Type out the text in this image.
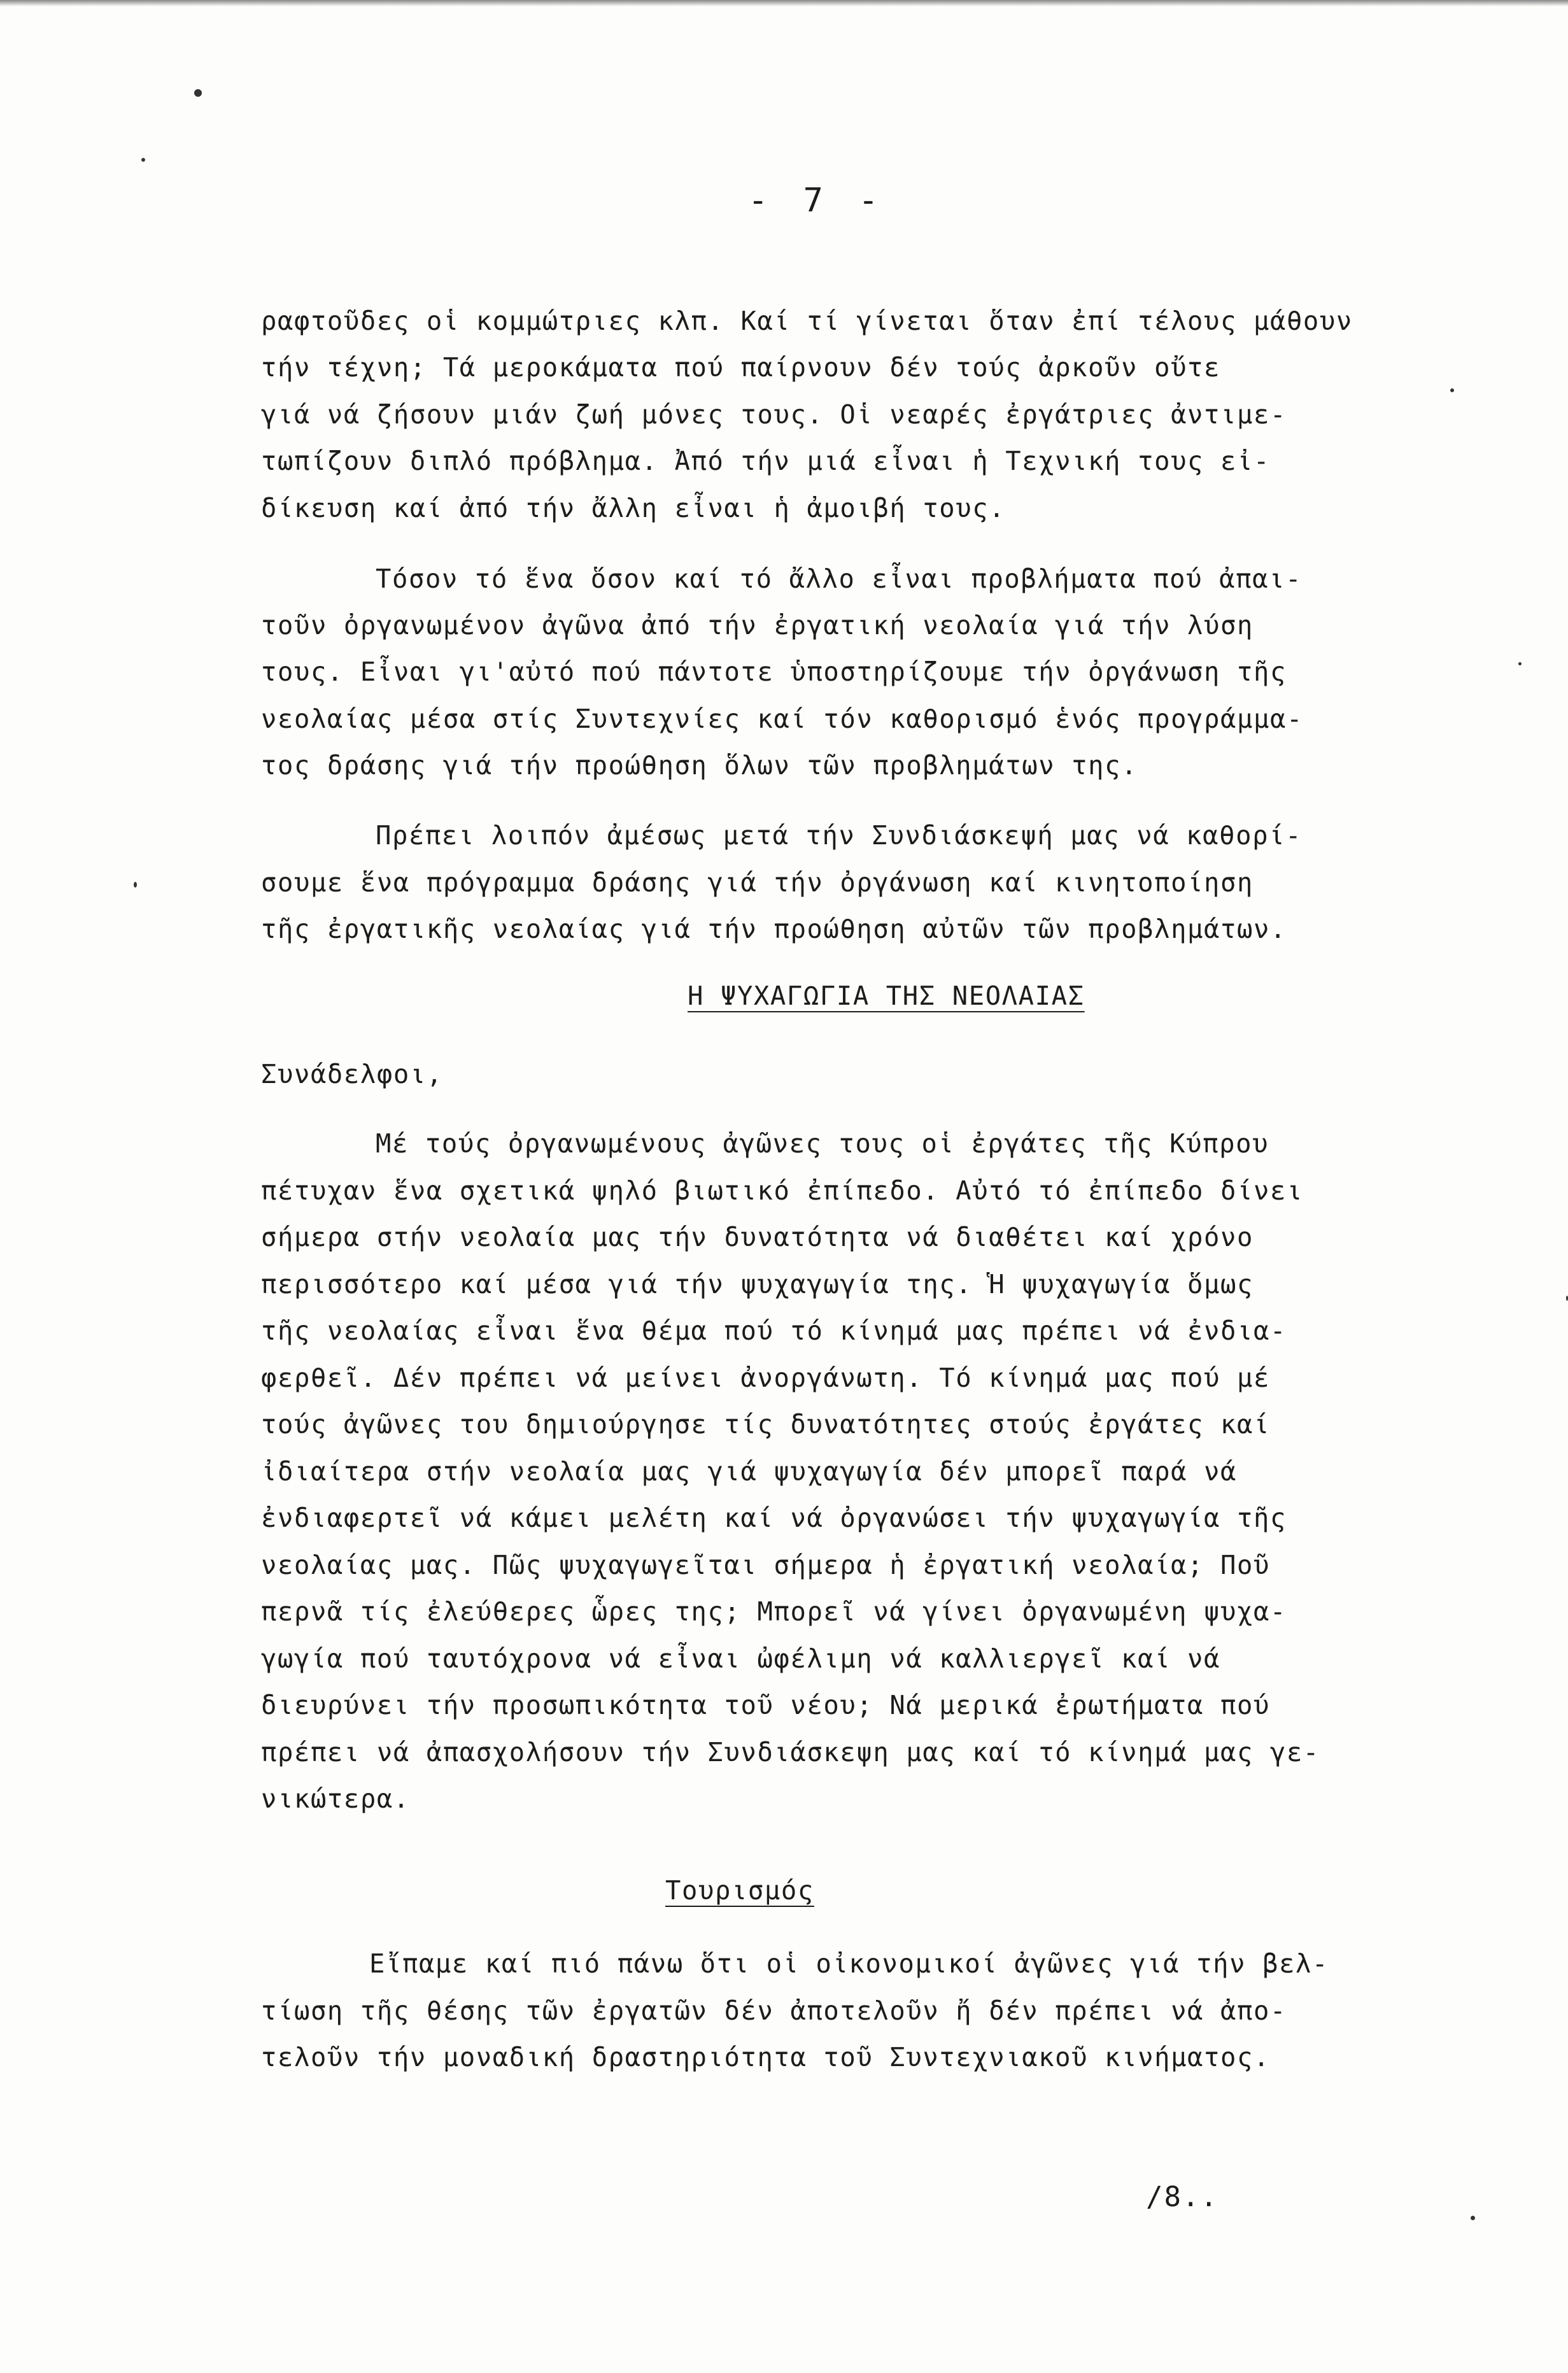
- 7 -
ραφτοῦδες οἱ κομμώτριες κλπ. Καί τί γίνεται ὅταν ἐπί τέλους μάθουν
τήν τέχνη; Τά μεροκάματα πού παίρνουν δέν τούς ἀρκοῦν οὔτε
γιά νά ζήσουν μιάν ζωή μόνες τους. Οἱ νεαρές ἐργάτριες ἀντιμε-
τωπίζουν διπλό πρόβλημα. Ἀπό τήν μιά εἶναι ἡ Τεχνική τους εἰ-
δίκευση καί ἀπό τήν ἄλλη εἶναι ἡ ἀμοιβή τους.
Τόσον τό ἕνα ὅσον καί τό ἄλλο εἶναι προβλήματα πού ἀπαι-
τοῦν ὀργανωμένον ἀγῶνα ἀπό τήν ἐργατική νεολαία γιά τήν λύση
τους. Εἶναι γι'αὐτό πού πάντοτε ὑποστηρίζουμε τήν ὀργάνωση τῆς
νεολαίας μέσα στίς Συντεχνίες καί τόν καθορισμό ἑνός προγράμμα-
τος δράσης γιά τήν προώθηση ὅλων τῶν προβλημάτων της.
Πρέπει λοιπόν ἀμέσως μετά τήν Συνδιάσκεψή μας νά καθορί-
σουμε ἕνα πρόγραμμα δράσης γιά τήν ὀργάνωση καί κινητοποίηση
τῆς ἐργατικῆς νεολαίας γιά τήν προώθηση αὐτῶν τῶν προβλημάτων.
Η ΨΥΧΑΓΩΓΙΑ ΤΗΣ ΝΕΟΛΑΙΑΣ
Συνάδελφοι,
Μέ τούς ὀργανωμένους ἀγῶνες τους οἱ ἐργάτες τῆς Κύπρου
πέτυχαν ἕνα σχετικά ψηλό βιωτικό ἐπίπεδο. Αὐτό τό ἐπίπεδο δίνει
σήμερα στήν νεολαία μας τήν δυνατότητα νά διαθέτει καί χρόνο
περισσότερο καί μέσα γιά τήν ψυχαγωγία της. Ἡ ψυχαγωγία ὅμως
τῆς νεολαίας εἶναι ἕνα θέμα πού τό κίνημά μας πρέπει νά ἐνδια-
φερθεῖ. Δέν πρέπει νά μείνει ἀνοργάνωτη. Τό κίνημά μας πού μέ
τούς ἀγῶνες του δημιούργησε τίς δυνατότητες στούς ἐργάτες καί
ἰδιαίτερα στήν νεολαία μας γιά ψυχαγωγία δέν μπορεῖ παρά νά
ἐνδιαφερτεῖ νά κάμει μελέτη καί νά ὀργανώσει τήν ψυχαγωγία τῆς
νεολαίας μας. Πῶς ψυχαγωγεῖται σήμερα ἡ ἐργατική νεολαία; Ποῦ
περνᾶ τίς ἐλεύθερες ὧρες της; Μπορεῖ νά γίνει ὀργανωμένη ψυχα-
γωγία πού ταυτόχρονα νά εἶναι ὠφέλιμη νά καλλιεργεῖ καί νά
διευρύνει τήν προσωπικότητα τοῦ νέου; Νά μερικά ἐρωτήματα πού
πρέπει νά ἀπασχολήσουν τήν Συνδιάσκεψη μας καί τό κίνημά μας γε-
νικώτερα.
Τουρισμός
Εἴπαμε καί πιό πάνω ὅτι οἱ οἰκονομικοί ἀγῶνες γιά τήν βελ-
τίωση τῆς θέσης τῶν ἐργατῶν δέν ἀποτελοῦν ἤ δέν πρέπει νά ἀπο-
τελοῦν τήν μοναδική δραστηριότητα τοῦ Συντεχνιακοῦ κινήματος.
/8..
